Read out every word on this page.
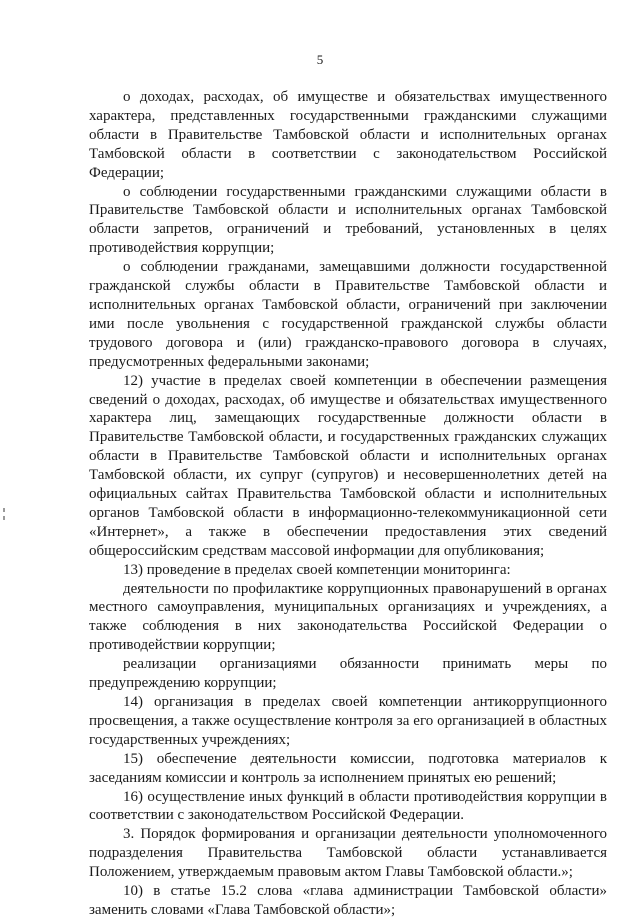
5

о доходах, расходах, об имуществе и обязательствах имущественного характера, представленных государственными гражданскими служащими области в Правительстве Тамбовской области и исполнительных органах Тамбовской области в соответствии с законодательством Российской Федерации;

о соблюдении государственными гражданскими служащими области в Правительстве Тамбовской области и исполнительных органах Тамбовской области запретов, ограничений и требований, установленных в целях противодействия коррупции;

о соблюдении гражданами, замещавшими должности государственной гражданской службы области в Правительстве Тамбовской области и исполнительных органах Тамбовской области, ограничений при заключении ими после увольнения с государственной гражданской службы области трудового договора и (или) гражданско-правового договора в случаях, предусмотренных федеральными законами;

12) участие в пределах своей компетенции в обеспечении размещения сведений о доходах, расходах, об имуществе и обязательствах имущественного характера лиц, замещающих государственные должности области в Правительстве Тамбовской области, и государственных гражданских служащих области в Правительстве Тамбовской области и исполнительных органах Тамбовской области, их супруг (супругов) и несовершеннолетних детей на официальных сайтах Правительства Тамбовской области и исполнительных органов Тамбовской области в информационно-телекоммуникационной сети «Интернет», а также в обеспечении предоставления этих сведений общероссийским средствам массовой информации для опубликования;

13) проведение в пределах своей компетенции мониторинга:

деятельности по профилактике коррупционных правонарушений в органах местного самоуправления, муниципальных организациях и учреждениях, а также соблюдения в них законодательства Российской Федерации о противодействии коррупции;

реализации организациями обязанности принимать меры по предупреждению коррупции;

14) организация в пределах своей компетенции антикоррупционного просвещения, а также осуществление контроля за его организацией в областных государственных учреждениях;

15) обеспечение деятельности комиссии, подготовка материалов к заседаниям комиссии и контроль за исполнением принятых ею решений;

16) осуществление иных функций в области противодействия коррупции в соответствии с законодательством Российской Федерации.

3. Порядок формирования и организации деятельности уполномоченного подразделения Правительства Тамбовской области устанавливается Положением, утверждаемым правовым актом Главы Тамбовской области.»;

10) в статье 15.2 слова «глава администрации Тамбовской области» заменить словами «Глава Тамбовской области»;
